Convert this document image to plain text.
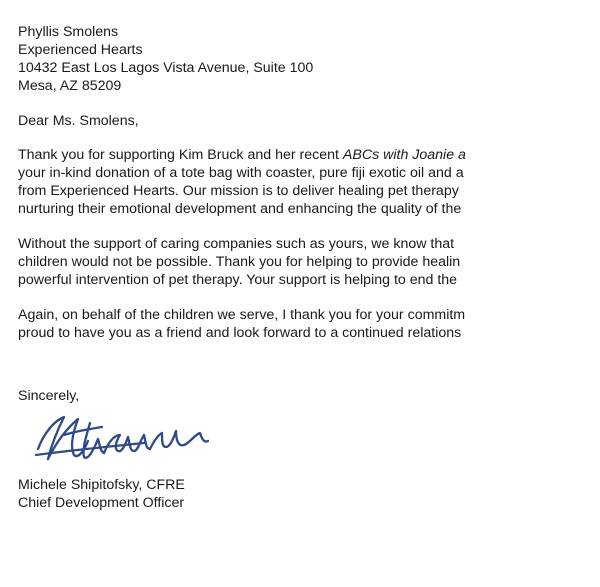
Phyllis Smolens
Experienced Hearts
10432 East Los Lagos Vista Avenue, Suite 100
Mesa, AZ 85209
Dear Ms. Smolens,
Thank you for supporting Kim Bruck and her recent ABCs with Joanie a
your in-kind donation of a tote bag with coaster, pure fiji exotic oil and a
from Experienced Hearts. Our mission is to deliver healing pet therapy
nurturing their emotional development and enhancing the quality of the
Without the support of caring companies such as yours, we know that
children would not be possible. Thank you for helping to provide healin
powerful intervention of pet therapy. Your support is helping to end the
Again, on behalf of the children we serve, I thank you for your commitm
proud to have you as a friend and look forward to a continued relations
Sincerely,
Michele Shipitofsky, CFRE
Chief Development Officer
